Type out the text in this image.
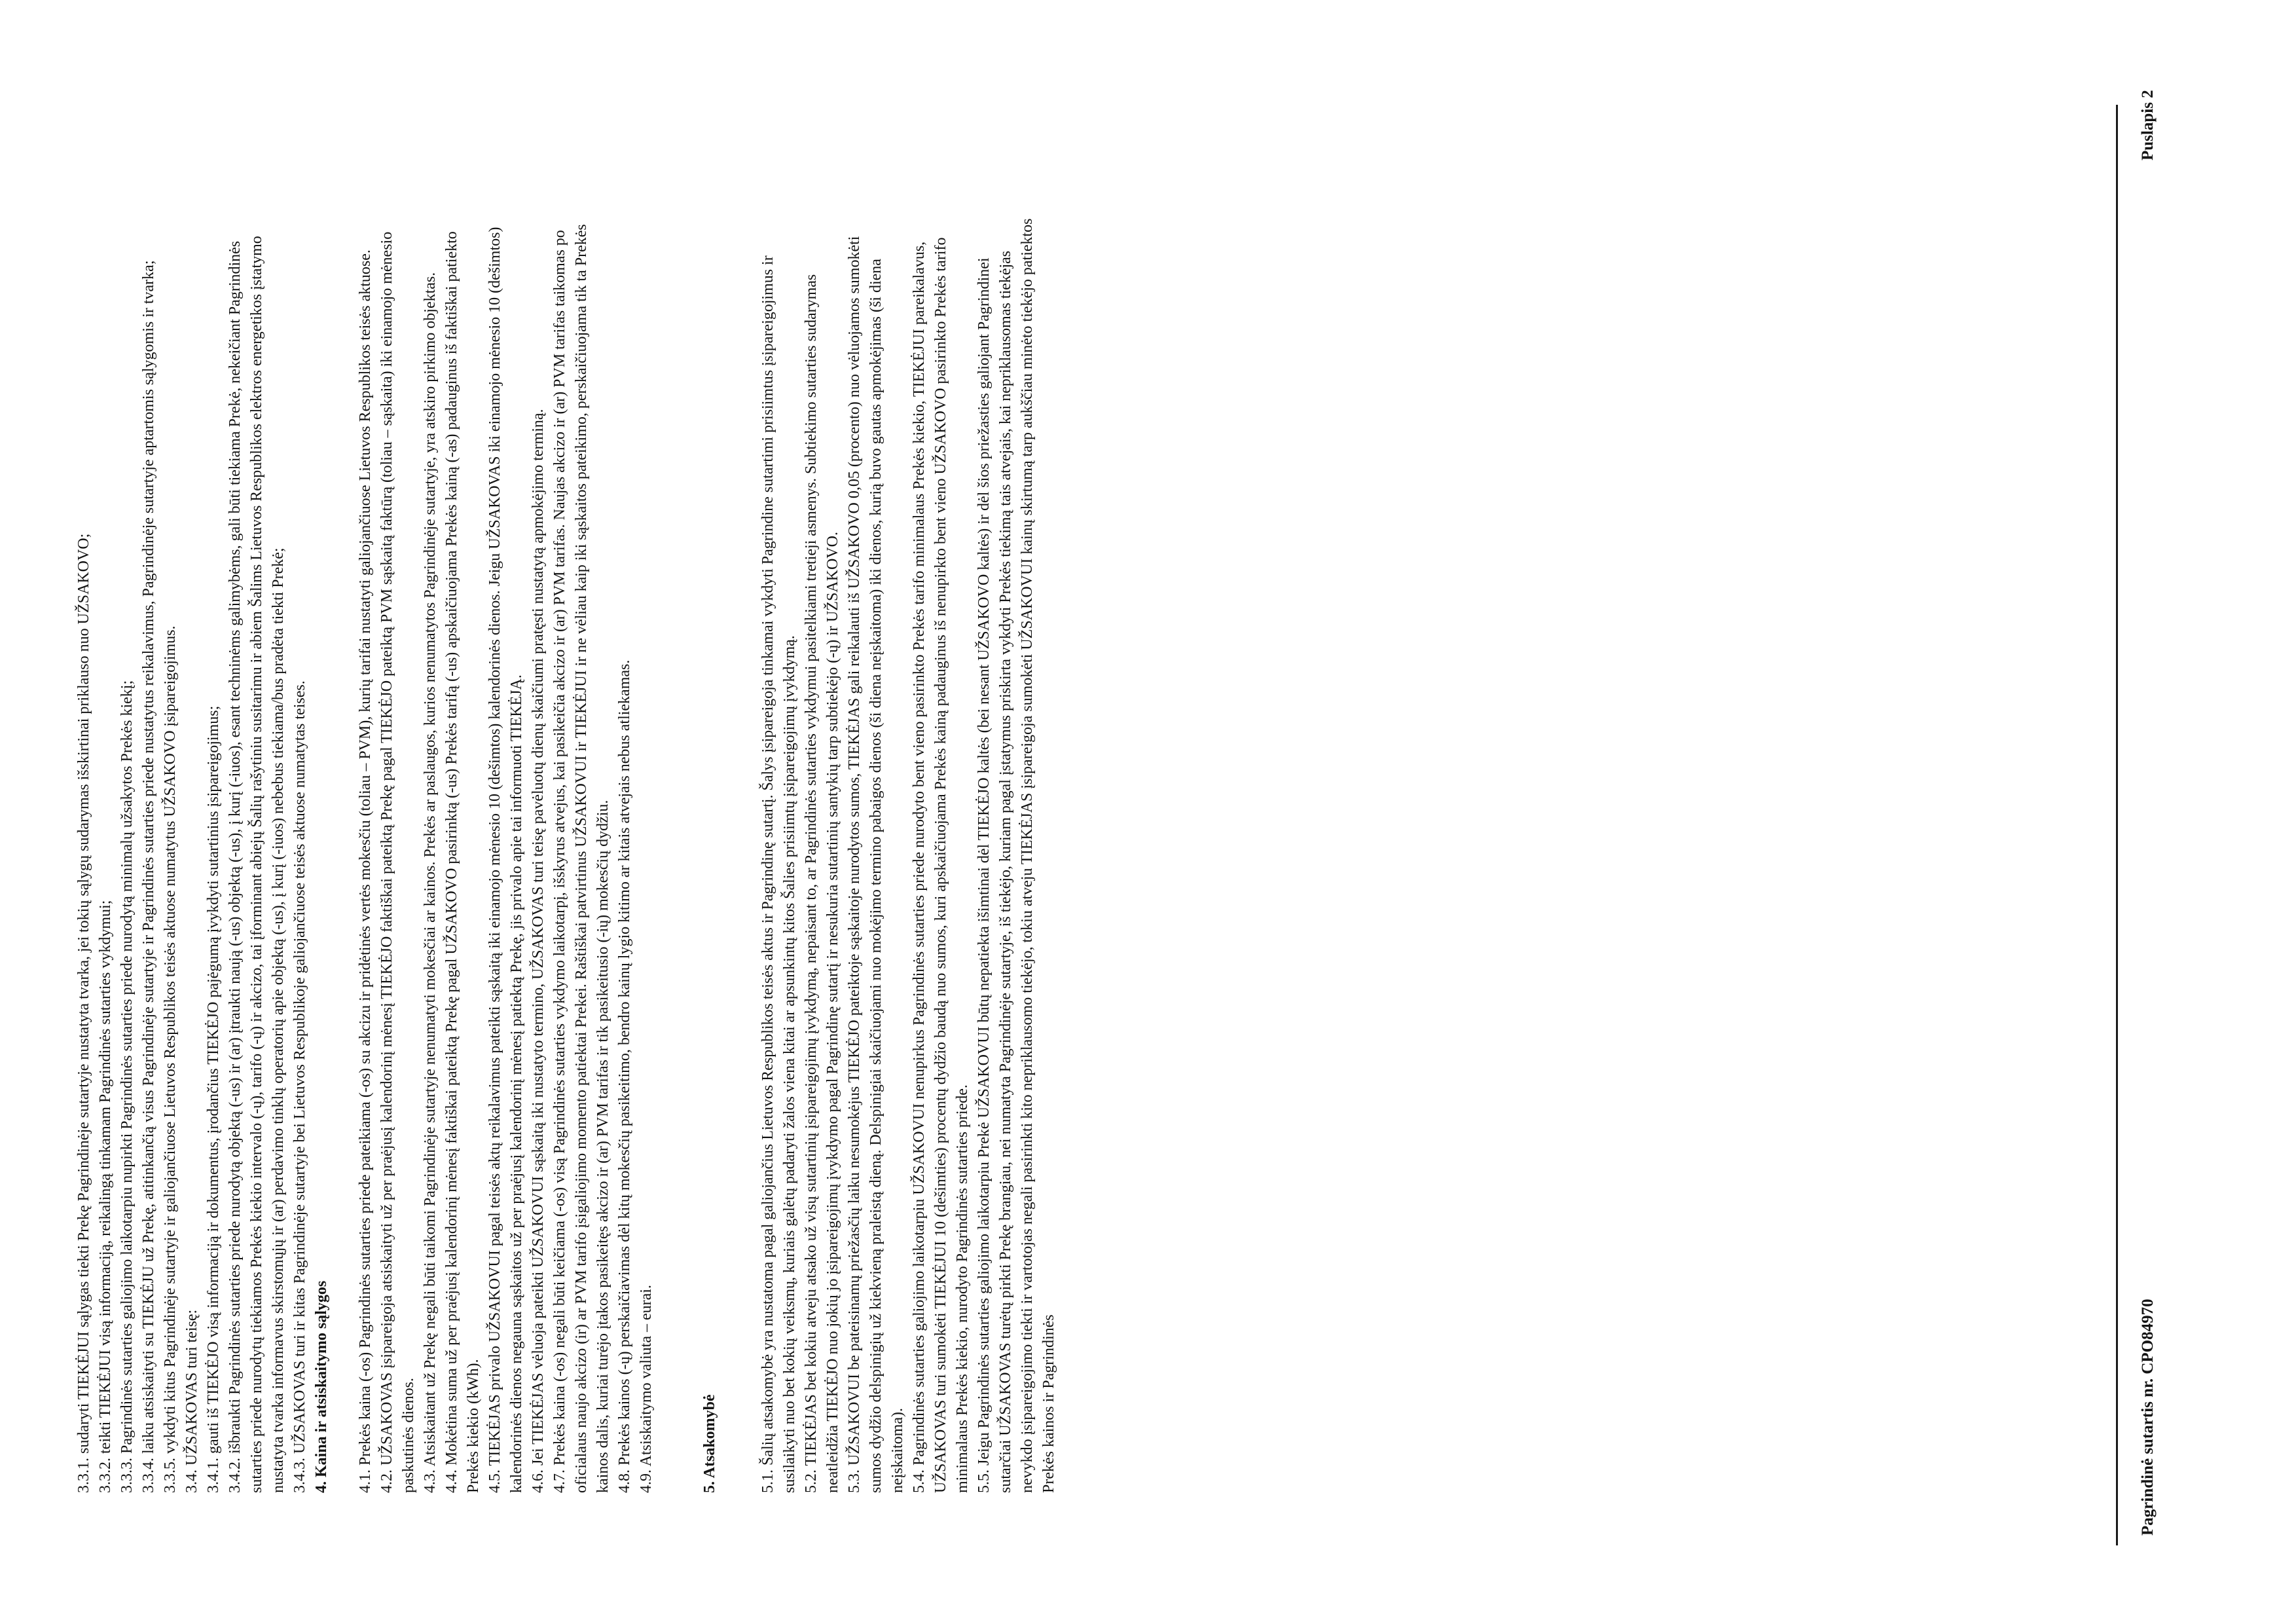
3.3.1. sudaryti TIEKĖJUI sąlygas tiekti Prekę Pagrindinėje sutartyje nustatyta tvarka, jei tokių sąlygų sudarymas išskirtinai priklauso nuo UŽSAKOVO; 3.3.2. teikti TIEKĖJUI visą informaciją, reikalingą tinkamam Pagrindinės sutarties vykdymui; 3.3.3. Pagrindinės sutarties galiojimo laikotarpiu nupirkti Pagrindinės sutarties priede nurodytą minimalų užsakytos Prekės kiekį; 3.3.4. laiku atsiskaityti su TIEKĖJU už Prekę, atitinkančią visus Pagrindinėje sutartyje ir Pagrindinės sutarties priede nustatytus reikalavimus, Pagrindinėje sutartyje aptartomis sąlygomis ir tvarka; 3.3.5. vykdyti kitus Pagrindinėje sutartyje ir galiojančiuose Lietuvos Respublikos teisės aktuose numatytus UŽSAKOVO įsipareigojimus. 3.4. UŽSAKOVAS turi teisę: 3.4.1. gauti iš TIEKĖJO visą informaciją ir dokumentus, įrodančius TIEKĖJO pajėgumą įvykdyti sutartinius įsipareigojimus; 3.4.2. išbraukti Pagrindinės sutarties priede nurodytą objektą (-us) ir (ar) įtraukti naują (-us) objektą (-us), į kurį (-iuos), esant techninėms galimybėms, gali būti tiekiama Prekė, nekeičiant Pagrindinės sutarties priede nurodytų tiekiamos Prekės kiekio intervalo (-ų), tarifo (-ų) ir akcizo, tai įforminant abiejų Šalių rašytiniu susitarimu ir abiem Šalims Lietuvos Respublikos elektros energetikos įstatymo nustatyta tvarka informavus skirstomųjų ir (ar) perdavimo tinklų operatorių apie objektą (-us), į kurį (-iuos) nebebus tiekiama/bus pradėta tiekti Prekė; 3.4.3. UŽSAKOVAS turi ir kitas Pagrindinėje sutartyje bei Lietuvos Respublikoje galiojančiuose teisės aktuose numatytas teises. 4. Kaina ir atsiskaitymo sąlygos 4.1. Prekės kaina (-os) Pagrindinės sutarties priede pateikiama (-os) su akcizu ir pridėtinės vertės mokesčiu (toliau – PVM), kurių tarifai nustatyti galiojančiuose Lietuvos Respublikos teisės aktuose. 4.2. UŽSAKOVAS įsipareigoja atsiskaityti už per praėjusį kalendorinį mėnesį TIEKĖJO faktiškai pateiktą Prekę pagal TIEKĖJO pateiktą PVM sąskaitą faktūrą (toliau – sąskaita) iki einamojo mėnesio paskutinės dienos. 4.3. Atsiskaitant už Prekę negali būti taikomi Pagrindinėje sutartyje nenumatyti mokesčiai ar kainos. Prekės ar paslaugos, kurios nenumatytos Pagrindinėje sutartyje, yra atskiro pirkimo objektas. 4.4. Mokėtina suma už per praėjusį kalendorinį mėnesį faktiškai pateiktą Prekę pagal UŽSAKOVO pasirinktą (-us) Prekės tarifą (-us) apskaičiuojama Prekės kainą (-as) padauginus iš faktiškai patiekto Prekės kiekio (kWh). 4.5. TIEKĖJAS privalo UŽSAKOVUI pagal teisės aktų reikalavimus pateikti sąskaitą iki einamojo mėnesio 10 (dešimtos) kalendorinės dienos. Jeigu UŽSAKOVAS iki einamojo mėnesio 10 (dešimtos) kalendorinės dienos negauna sąskaitos už per praėjusį kalendorinį mėnesį patiektą Prekę, jis privalo apie tai informuoti TIEKĖJĄ. 4.6. Jei TIEKĖJAS vėluoja pateikti UŽSAKOVUI sąskaitą iki nustatyto termino, UŽSAKOVAS turi teisę pavėluotų dienų skaičiumi pratęsti nustatytą apmokėjimo terminą. 4.7. Prekės kaina (-os) negali būti keičiama (-os) visą Pagrindinės sutarties vykdymo laikotarpį, išskyrus atvejus, kai pasikeičia akcizo ir (ar) PVM tarifas. Naujas akcizo ir (ar) PVM tarifas taikomas po oficialaus naujo akcizo (ir) ar PVM tarifo įsigaliojimo momento patiektai Prekei. Raštiškai patvirtinus UŽSAKOVUI ir TIEKĖJUI ir ne vėliau kaip iki sąskaitos pateikimo, perskaičiuojama tik ta Prekės kainos dalis, kuriai turėjo įtakos pasikeitęs akcizo ir (ar) PVM tarifas ir tik pasikeitusio (-ių) mokesčių dydžiu. 4.8. Prekės kainos (-ų) perskaičiavimas dėl kitų mokesčių pasikeitimo, bendro kainų lygio kitimo ar kitais atvejais nebus atliekamas. 4.9. Atsiskaitymo valiuta – eurai.	5. Atsakomybė	5.1. Šalių atsakomybė yra nustatoma pagal galiojančius Lietuvos Respublikos teisės aktus ir Pagrindinę sutartį. Šalys įsipareigoja tinkamai vykdyti Pagrindine sutartimi prisiimtus įsipareigojimus ir susilaikyti nuo bet kokių veiksmų, kuriais galėtų padaryti žalos viena kitai ar apsunkintų kitos Šalies prisiimtų įsipareigojimų įvykdymą. 5.2. TIEKĖJAS bet kokiu atveju atsako už visų sutartinių įsipareigojimų įvykdymą, nepaisant to, ar Pagrindinės sutarties vykdymui pasitelkiami tretieji asmenys. Subtiekimo sutarties sudarymas neatleidžia TIEKĖJO nuo jokių jo įsipareigojimų įvykdymo pagal Pagrindinę sutartį ir nesukuria sutartinių santykių tarp subtiekėjo (-ų) ir UŽSAKOVO. 5.3. UŽSAKOVUI be pateisinamų priežasčių laiku nesumokėjus TIEKĖJO pateiktoje sąskaitoje nurodytos sumos, TIEKĖJAS gali reikalauti iš UŽSAKOVO 0,05 (procento) nuo vėluojamos sumokėti sumos dydžio delspinigių už kiekvieną praleistą dieną. Delspinigiai skaičiuojami nuo mokėjimo termino pabaigos dienos (ši diena neįskaitoma) iki dienos, kurią buvo gautas apmokėjimas (ši diena neįskaitoma). 5.4. Pagrindinės sutarties galiojimo laikotarpiu UŽSAKOVUI nenupirkus Pagrindinės sutarties priede nurodyto bent vieno pasirinkto Prekės tarifo minimalaus Prekės kiekio, TIEKĖJUI pareikalavus, UŽSAKOVAS turi sumokėti TIEKĖJUI 10 (dešimties) procentų dydžio baudą nuo sumos, kuri apskaičiuojama Prekės kainą padauginus iš nenupirkto bent vieno UŽSAKOVO pasirinkto Prekės tarifo minimalaus Prekės kiekio, nurodyto Pagrindinės sutarties priede. 5.5. Jeigu Pagrindinės sutarties galiojimo laikotarpiu Prekė UŽSAKOVUI būtų nepatiekta išimtinai dėl TIEKĖJO kaltės (bei nesant UŽSAKOVO kaltės) ir dėl šios priežasties galiojant Pagrindinei sutarčiai UŽSAKOVAS turėtų pirkti Prekę brangiau, nei numatyta Pagrindinėje sutartyje, iš tiekėjo, kuriam pagal įstatymus priskirta vykdyti Prekės tiekimą tais atvejais, kai nepriklausomas tiekėjas nevykdo įsipareigojimo tiekti ir vartotojas negali pasirinkti kito nepriklausomo tiekėjo, tokiu atveju TIEKĖJAS įsipareigoja sumokėti UŽSAKOVUI kainų skirtumą tarp aukščiau minėto tiekėjo patiektos Prekės kainos ir Pagrindinės	Pagrindinė sutartis nr. CPO84970
Puslapis 2
